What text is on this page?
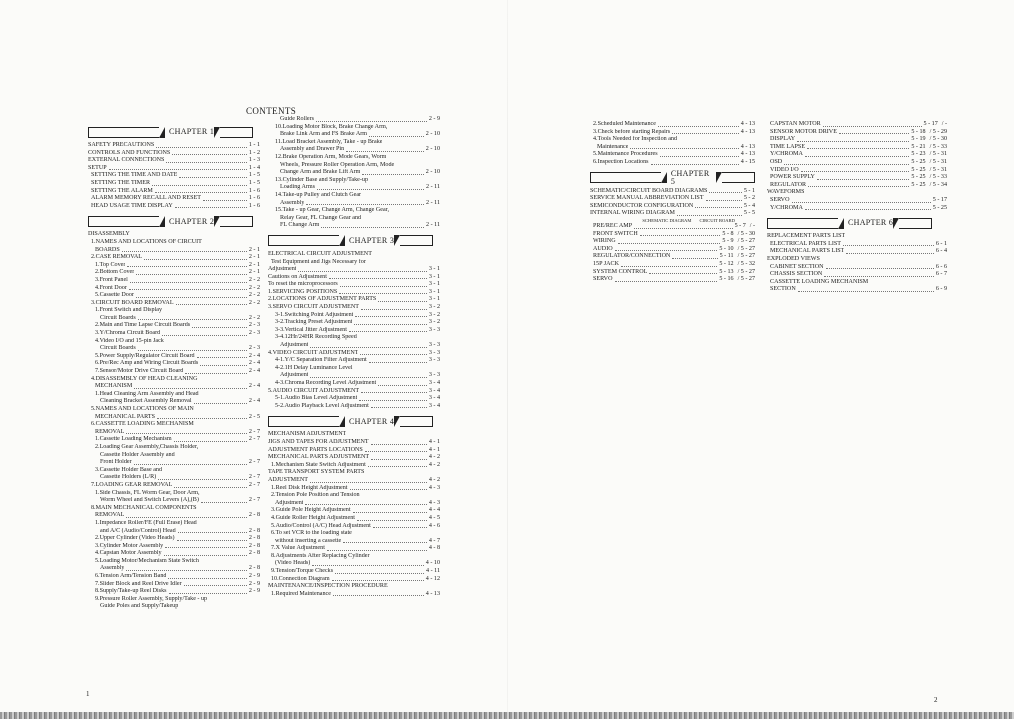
CONTENTS
CHAPTER 1
SAFETY PRECAUTIONS	1 - 1
CONTROLS AND FUNCTIONS	1 - 2
EXTERNAL CONNECTIONS	1 - 3
SETUP	1 - 4
SETTING THE TIME AND DATE	1 - 5
SETTING THE TIMER	1 - 5
SETTING THE ALARM	1 - 6
ALARM MEMORY RECALL AND RESET	1 - 6
HEAD USAGE TIME DISPLAY	1 - 6
CHAPTER 2
DISASSEMBLY
1.NAMES AND LOCATIONS OF CIRCUIT
BOARDS	2 - 1
2.CASE REMOVAL	2 - 1
1.Top Cover	2 - 1
2.Bottom Cover	2 - 1
3.Front Panel	2 - 2
4.Front Door	2 - 2
5.Cassette Door	2 - 2
3.CIRCUIT BOARD REMOVAL	2 - 2
1.Front Switch and Display
Circuit Boards	2 - 2
2.Main and Time Lapse Circuit Boards	2 - 3
3.Y/Chroma Circuit Board	2 - 3
4.Video I/O and 15-pin Jack
Circuit Boards	2 - 3
5.Power Supply/Regulator Circuit Board	2 - 4
6.Pre/Rec Amp and Wiring Circuit Boards	2 - 4
7.Sensor/Motor Drive Circuit Board	2 - 4
4.DISASSEMBLY OF HEAD CLEANING
MECHANISM	2 - 4
1.Head Cleaning Arm Assembly and Head
Cleaning Bracket Assembly Removal	2 - 4
5.NAMES AND LOCATIONS OF MAIN
MECHANICAL PARTS	2 - 5
6.CASSETTE LOADING MECHANISM
REMOVAL	2 - 7
1.Cassette Loading Mechanism	2 - 7
2.Loading Gear Assembly,Chassis Holder,
Cassette Holder Assembly and
Front Holder	2 - 7
3.Cassette Holder Base and
Cassette Holders (L/R)	2 - 7
7.LOADING GEAR REMOVAL	2 - 7
1.Side Chassis, FL Worm Gear, Door Arm,
Worm Wheel and Switch Levers (A),(B)	2 - 7
8.MAIN MECHANICAL COMPONENTS
REMOVAL	2 - 8
1.Impedance Roller/FE (Full Erase) Head
and A/C (Audio/Control) Head	2 - 8
2.Upper Cylinder (Video Heads)	2 - 8
3.Cylinder Motor Assembly	2 - 8
4.Capstan Motor Assembly	2 - 8
5.Loading Motor/Mechanism State Switch
Assembly	2 - 8
6.Tension Arm/Tension Band	2 - 9
7.Slider Block and Reel Drive Idler	2 - 9
8.Supply/Take-up Reel Disks	2 - 9
9.Pressure Roller Assembly, Supply/Take - up
Guide Poles and Supply/Takeup
Guide Rollers	2 - 9
10.Loading Motor Block, Brake Change Arm,
Brake Link Arm and FS Brake Arm	2 - 10
11.Load Bracket Assembly, Take - up Brake
Assembly and Drawer Pin	2 - 10
12.Brake Operation Arm, Mode Gears, Worm
Wheels, Pressure Roller Operation Arm, Mode
Change Arm and Brake Lift Arm	2 - 10
13.Cylinder Base and Supply/Take-up
Loading Arms	2 - 11
14.Take-up Pulley and Clutch Gear
Assembly	2 - 11
15.Take - up Gear, Change Arm, Change Gear,
Relay Gear, FL Change Gear and
FL Change Arm	2 - 11
CHAPTER 3
ELECTRICAL CIRCUIT ADJUSTMENT
Test Equipment and Jigs Necessary for
Adjustment	3 - 1
Cautions on Adjustment	3 - 1
To reset the microprocessors	3 - 1
1.SERVICING POSITIONS	3 - 1
2.LOCATIONS OF ADJUSTMENT PARTS	3 - 1
3.SERVO CIRCUIT ADJUSTMENT	3 - 2
3-1.Switching Point Adjustment	3 - 2
3-2.Tracking Preset Adjustment	3 - 2
3-3.Vertical Jitter Adjustment	3 - 3
3-4.12Hr/24HR Recording Speed
Adjustment	3 - 3
4.VIDEO CIRCUIT ADJUSTMENT	3 - 3
4-1.Y/C Separation Filter Adjustment	3 - 3
4-2.1H Delay Luminance Level
Adjustment	3 - 3
4-3.Chroma Recording Level Adjustment	3 - 4
5.AUDIO CIRCUIT ADJUSTMENT	3 - 4
5-1.Audio Bias Level Adjustment	3 - 4
5-2.Audio Playback Level Adjustment	3 - 4
CHAPTER 4
MECHANISM ADJUSTMENT
JIGS AND TAPES FOR ADJUSTMENT	4 - 1
ADJUSTMENT PARTS LOCATIONS	4 - 1
MECHANICAL PARTS ADJUSTMENT	4 - 2
1.Mechanism State Switch Adjustment	4 - 2
TAPE TRANSPORT SYSTEM PARTS
ADJUSTMENT	4 - 2
1.Reel Disk Height Adjustment	4 - 3
2.Tension Pole Position and Tension
Adjustment	4 - 3
3.Guide Pole Height Adjustment	4 - 4
4.Guide Roller Height Adjustment	4 - 5
5.Audio/Control (A/C) Head Adjustment	4 - 6
6.To set VCR to the loading state
without inserting a cassette	4 - 7
7.X Value Adjustment	4 - 8
8.Adjustments After Replacing Cylinder
(Video Heads)	4 - 10
9.Tension/Torque Checks	4 - 11
10.Connection Diagram	4 - 12
MAINTENANCE/INSPECTION PROCEDURE
1.Required Maintenance	4 - 13
2.Scheduled Maintenance	4 - 13
3.Check before starting Repairs	4 - 13
4.Tools Needed for Inspection and
Maintenance	4 - 13
5.Maintenance Procedures	4 - 13
6.Inspection Locations	4 - 15
CHAPTER 5
SCHEMATIC/CIRCUIT BOARD DIAGRAMS	5 - 1
SERVICE MANUAL ABBREVIATION LIST	5 - 2
SEMICONDUCTOR CONFIGURATION	5 - 4
INTERNAL WIRING DIAGRAM	5 - 5
SCHEMATIC DIAGRAM CIRCUIT BOARD
PRE/REC AMP	5 - 7 / -
FRONT SWITCH	5 - 8 / 5 - 30
WIRING	5 - 9 / 5 - 27
AUDIO	5 - 10 / 5 - 27
REGULATOR/CONNECTION	5 - 11 / 5 - 27
15P JACK	5 - 12 / 5 - 32
SYSTEM CONTROL	5 - 13 / 5 - 27
SERVO	5 - 16 / 5 - 27
CAPSTAN MOTOR	5 - 17 / -
SENSOR MOTOR DRIVE	5 - 18 / 5 - 29
DISPLAY	5 - 19 / 5 - 30
TIME LAPSE	5 - 21 / 5 - 33
Y/CHROMA	5 - 23 / 5 - 31
OSD	5 - 25 / 5 - 31
VIDEO I/O	5 - 25 / 5 - 31
POWER SUPPLY	5 - 25 / 5 - 33
REGULATOR	5 - 25 / 5 - 34
WAVEFORMS
SERVO	5 - 17
Y/CHROMA	5 - 25
CHAPTER 6
REPLACEMENT PARTS LIST
ELECTRICAL PARTS LIST	6 - 1
MECHANICAL PARTS LIST	6 - 4
EXPLODED VIEWS
CABINET SECTION	6 - 6
CHASSIS SECTION	6 - 7
CASSETTE LOADING MECHANISM
SECTION	6 - 9
1
2
